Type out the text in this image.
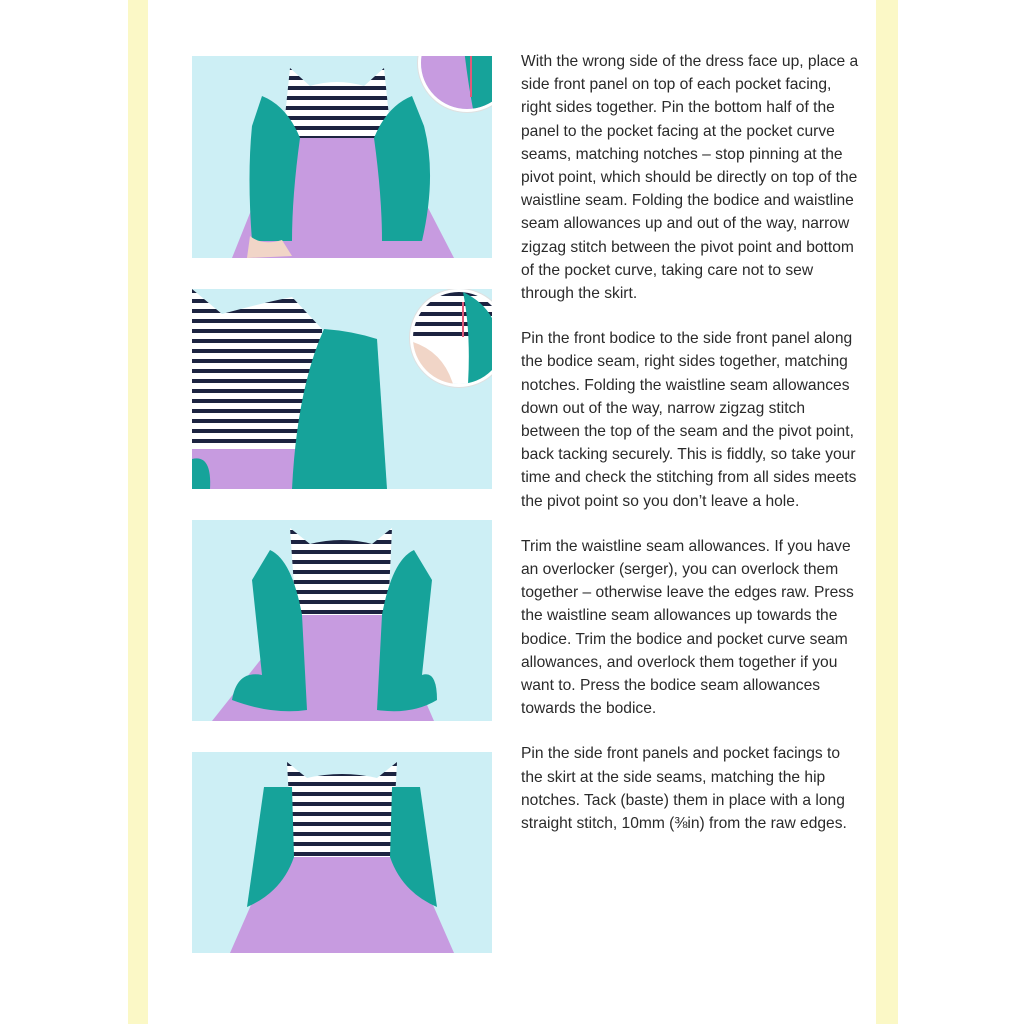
With the wrong side of the dress face up, place a side front panel on top of each pocket facing, right sides together. Pin the bottom half of the panel to the pocket facing at the pocket curve seams, matching notches – stop pinning at the pivot point, which should be directly on top of the waistline seam. Folding the bodice and waistline seam allowances up and out of the way, narrow zigzag stitch between the pivot point and bottom of the pocket curve, taking care not to sew through the skirt.

Pin the front bodice to the side front panel along the bodice seam, right sides together, matching notches. Folding the waistline seam allowances down out of the way, narrow zigzag stitch between the top of the seam and the pivot point, back tacking securely. This is fiddly, so take your time and check the stitching from all sides meets the pivot point so you don’t leave a hole.

Trim the waistline seam allowances. If you have an overlocker (serger), you can overlock them together – otherwise leave the edges raw. Press the waistline seam allowances up towards the bodice. Trim the bodice and pocket curve seam allowances, and overlock them together if you want to. Press the bodice seam allowances towards the bodice.

Pin the side front panels and pocket facings to the skirt at the side seams, matching the hip notches. Tack (baste) them in place with a long straight stitch, 10mm (⅜in) from the raw edges.
